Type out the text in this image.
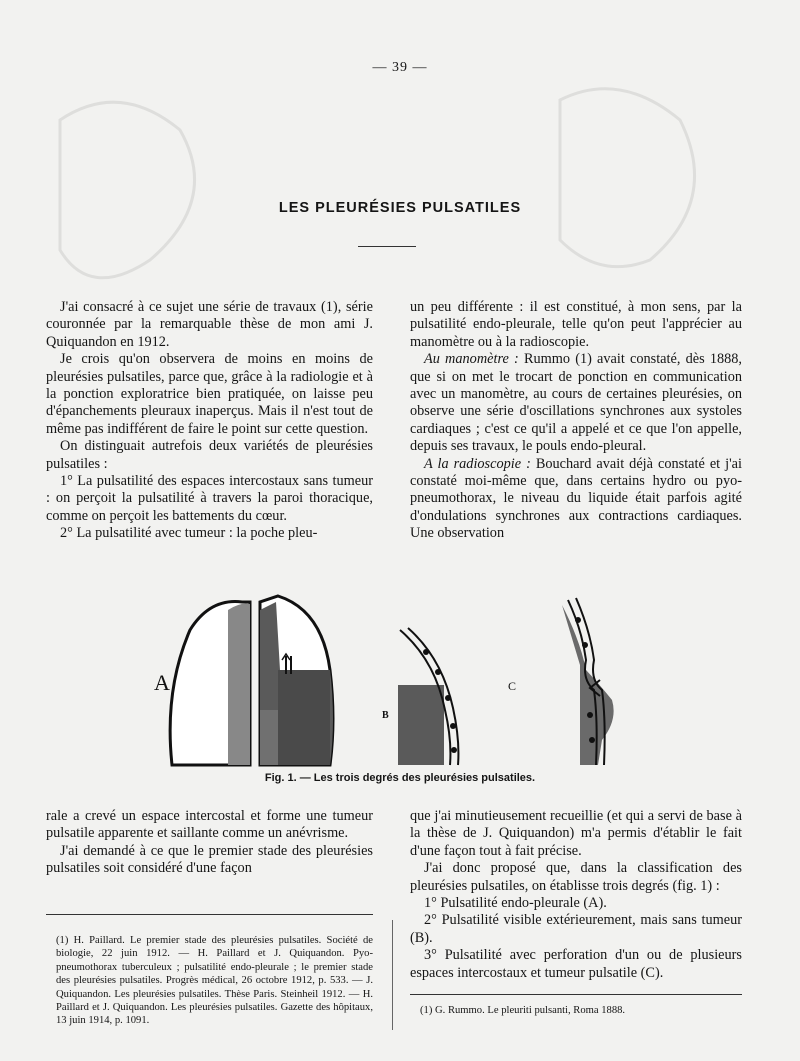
— 39 —
LES PLEURÉSIES PULSATILES

J'ai consacré à ce sujet une série de travaux (1), série couronnée par la remarquable thèse de mon ami J. Quiquandon en 1912.

Je crois qu'on observera de moins en moins de pleurésies pulsatiles, parce que, grâce à la radiologie et à la ponction exploratrice bien pratiquée, on laisse peu d'épanchements pleuraux inaperçus. Mais il n'est tout de même pas indifférent de faire le point sur cette question.

On distinguait autrefois deux variétés de pleurésies pulsatiles :

1° La pulsatilité des espaces intercostaux sans tumeur : on perçoit la pulsatilité à travers la paroi thoracique, comme on perçoit les battements du cœur.

2° La pulsatilité avec tumeur : la poche pleu-

un peu différente : il est constitué, à mon sens, par la pulsatilité endo-pleurale, telle qu'on peut l'apprécier au manomètre ou à la radioscopie.

Au manomètre : Rummo (1) avait constaté, dès 1888, que si on met le trocart de ponction en communication avec un manomètre, au cours de certaines pleurésies, on observe une série d'oscillations synchrones aux systoles cardiaques ; c'est ce qu'il a appelé et ce que l'on appelle, depuis ses travaux, le pouls endo-pleural.

A la radioscopie : Bouchard avait déjà constaté et j'ai constaté moi-même que, dans certains hydro ou pyo-pneumothorax, le niveau du liquide était parfois agité d'ondulations synchrones aux contractions cardiaques. Une observation

A
B
C
Fig. 1. — Les trois degrés des pleurésies pulsatiles.

rale a crevé un espace intercostal et forme une tumeur pulsatile apparente et saillante comme un anévrisme.

J'ai demandé à ce que le premier stade des pleurésies pulsatiles soit considéré d'une façon

que j'ai minutieusement recueillie (et qui a servi de base à la thèse de J. Quiquandon) m'a permis d'établir le fait d'une façon tout à fait précise.

J'ai donc proposé que, dans la classification des pleurésies pulsatiles, on établisse trois degrés (fig. 1) :

1° Pulsatilité endo-pleurale (A).

2° Pulsatilité visible extérieurement, mais sans tumeur (B).

3° Pulsatilité avec perforation d'un ou de plusieurs espaces intercostaux et tumeur pulsatile (C).

(1) H. Paillard. Le premier stade des pleurésies pulsatiles. Société de biologie, 22 juin 1912. — H. Paillard et J. Quiquandon. Pyo-pneumothorax tuberculeux ; pulsatilité endo-pleurale ; le premier stade des pleurésies pulsatiles. Progrès médical, 26 octobre 1912, p. 533. — J. Quiquandon. Les pleurésies pulsatiles. Thèse Paris. Steinheil 1912. — H. Paillard et J. Quiquandon. Les pleurésies pulsatiles. Gazette des hôpitaux, 13 juin 1914, p. 1091.
(1) G. Rummo. Le pleuriti pulsanti, Roma 1888.
